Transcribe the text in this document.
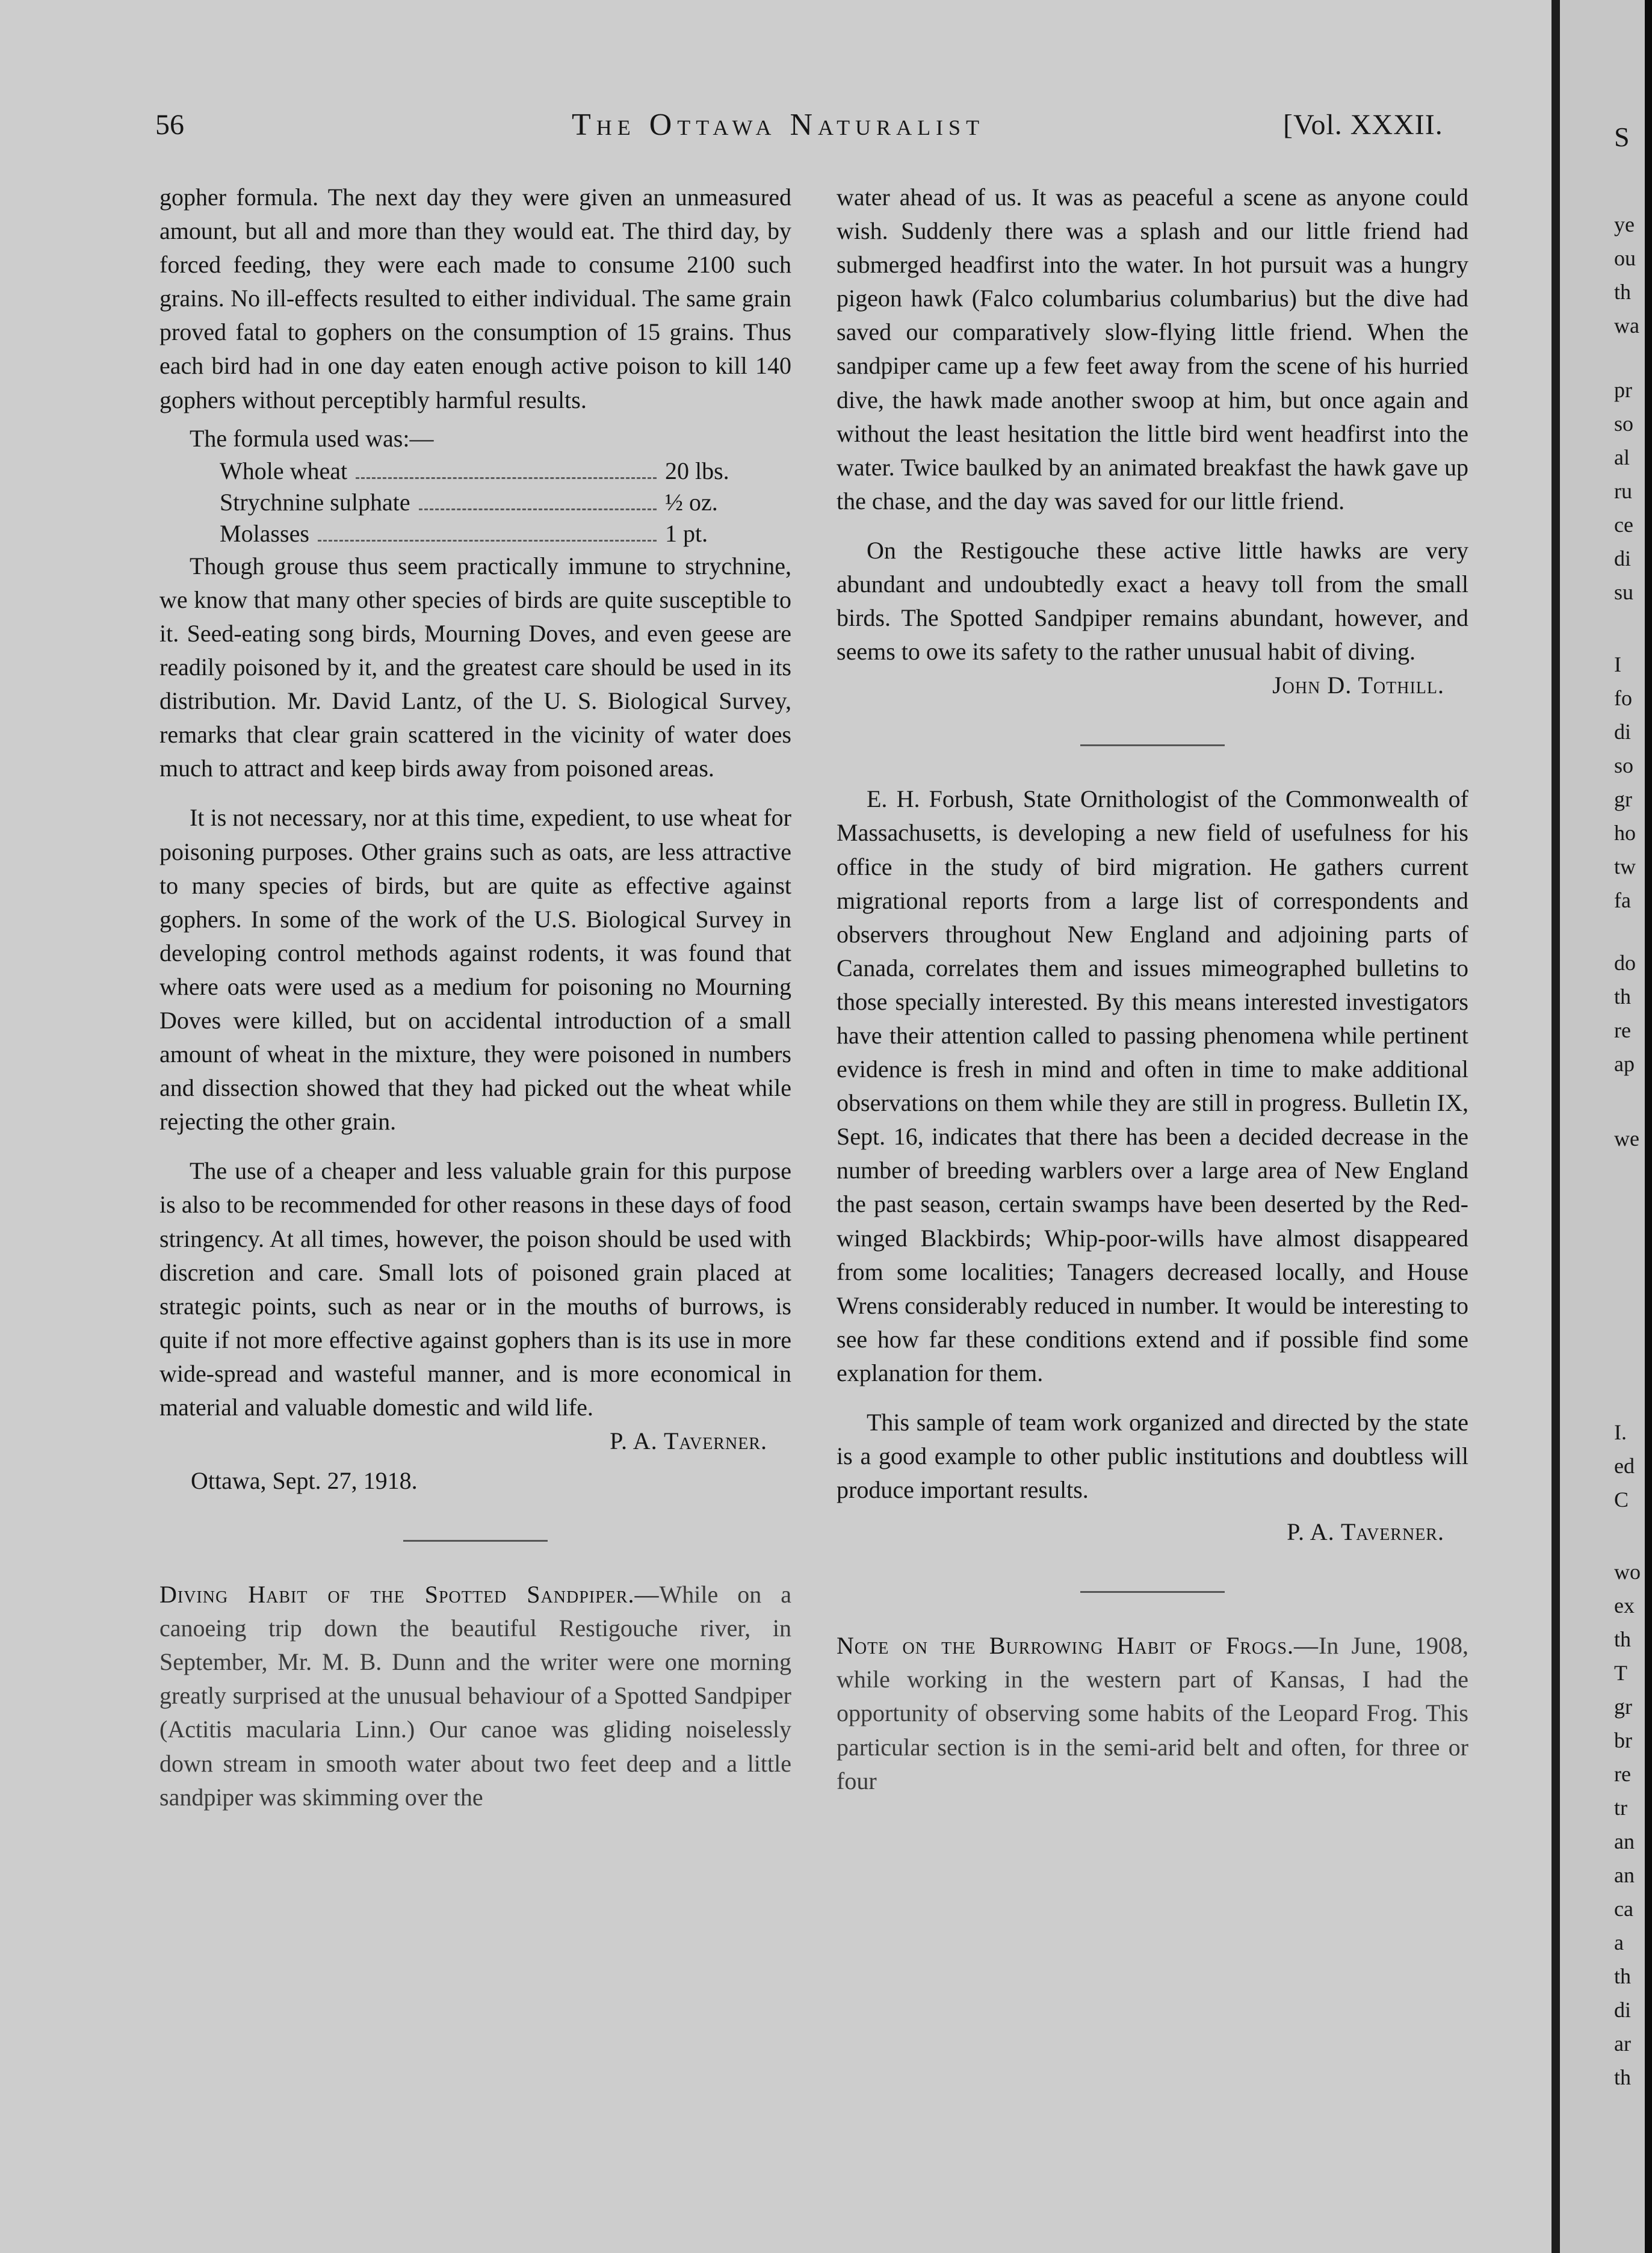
56	The Ottawa Naturalist	[Vol. XXXII.

gopher formula. The next day they were given an unmeasured amount, but all and more than they would eat. The third day, by forced feeding, they were each made to consume 2100 such grains. No ill-effects resulted to either individual. The same grain proved fatal to gophers on the consumption of 15 grains. Thus each bird had in one day eaten enough active poison to kill 140 gophers without perceptibly harmful results.

The formula used was:—

Whole wheat	20 lbs.
Strychnine sulphate	½ oz.
Molasses	1 pt.

Though grouse thus seem practically immune to strychnine, we know that many other species of birds are quite susceptible to it. Seed-eating song birds, Mourning Doves, and even geese are readily poisoned by it, and the greatest care should be used in its distribution. Mr. David Lantz, of the U. S. Biological Survey, remarks that clear grain scattered in the vicinity of water does much to attract and keep birds away from poisoned areas.

It is not necessary, nor at this time, expedient, to use wheat for poisoning purposes. Other grains such as oats, are less attractive to many species of birds, but are quite as effective against gophers. In some of the work of the U.S. Biological Survey in developing control methods against rodents, it was found that where oats were used as a medium for poisoning no Mourning Doves were killed, but on accidental introduction of a small amount of wheat in the mixture, they were poisoned in numbers and dissection showed that they had picked out the wheat while rejecting the other grain.

The use of a cheaper and less valuable grain for this purpose is also to be recommended for other reasons in these days of food stringency. At all times, however, the poison should be used with discretion and care. Small lots of poisoned grain placed at strategic points, such as near or in the mouths of burrows, is quite if not more effective against gophers than is its use in more wide-spread and wasteful manner, and is more economical in material and valuable domestic and wild life.

P. A. Taverner.
Ottawa, Sept. 27, 1918.

Diving Habit of the Spotted Sandpiper.—While on a canoeing trip down the beautiful Restigouche river, in September, Mr. M. B. Dunn and the writer were one morning greatly surprised at the unusual behaviour of a Spotted Sandpiper (Actitis macularia Linn.) Our canoe was gliding noiselessly down stream in smooth water about two feet deep and a little sandpiper was skimming over the

water ahead of us. It was as peaceful a scene as anyone could wish. Suddenly there was a splash and our little friend had submerged headfirst into the water. In hot pursuit was a hungry pigeon hawk (Falco columbarius columbarius) but the dive had saved our comparatively slow-flying little friend. When the sandpiper came up a few feet away from the scene of his hurried dive, the hawk made another swoop at him, but once again and without the least hesitation the little bird went headfirst into the water. Twice baulked by an animated breakfast the hawk gave up the chase, and the day was saved for our little friend.

On the Restigouche these active little hawks are very abundant and undoubtedly exact a heavy toll from the small birds. The Spotted Sandpiper remains abundant, however, and seems to owe its safety to the rather unusual habit of diving.

John D. Tothill.

E. H. Forbush, State Ornithologist of the Commonwealth of Massachusetts, is developing a new field of usefulness for his office in the study of bird migration. He gathers current migrational reports from a large list of correspondents and observers throughout New England and adjoining parts of Canada, correlates them and issues mimeographed bulletins to those specially interested. By this means interested investigators have their attention called to passing phenomena while pertinent evidence is fresh in mind and often in time to make additional observations on them while they are still in progress. Bulletin IX, Sept. 16, indicates that there has been a decided decrease in the number of breeding warblers over a large area of New England the past season, certain swamps have been deserted by the Red-winged Blackbirds; Whip-poor-wills have almost disappeared from some localities; Tanagers decreased locally, and House Wrens considerably reduced in number. It would be interesting to see how far these conditions extend and if possible find some explanation for them.

This sample of team work organized and directed by the state is a good example to other public institutions and doubtless will produce important results.

P. A. Taverner.

Note on the Burrowing Habit of Frogs.—In June, 1908, while working in the western part of Kansas, I had the opportunity of observing some habits of the Leopard Frog. This particular section is in the semi-arid belt and often, for three or four

S
ye
ou
th
wa
pr
so
al
ru
ce
di
su
I
fo
di
so
gr
ho
tw
fa
do
th
re
ap
we
I.
ed
C
wo
ex
th
T
gr
br
re
tr
an
an
ca
a
th
di
ar
th
